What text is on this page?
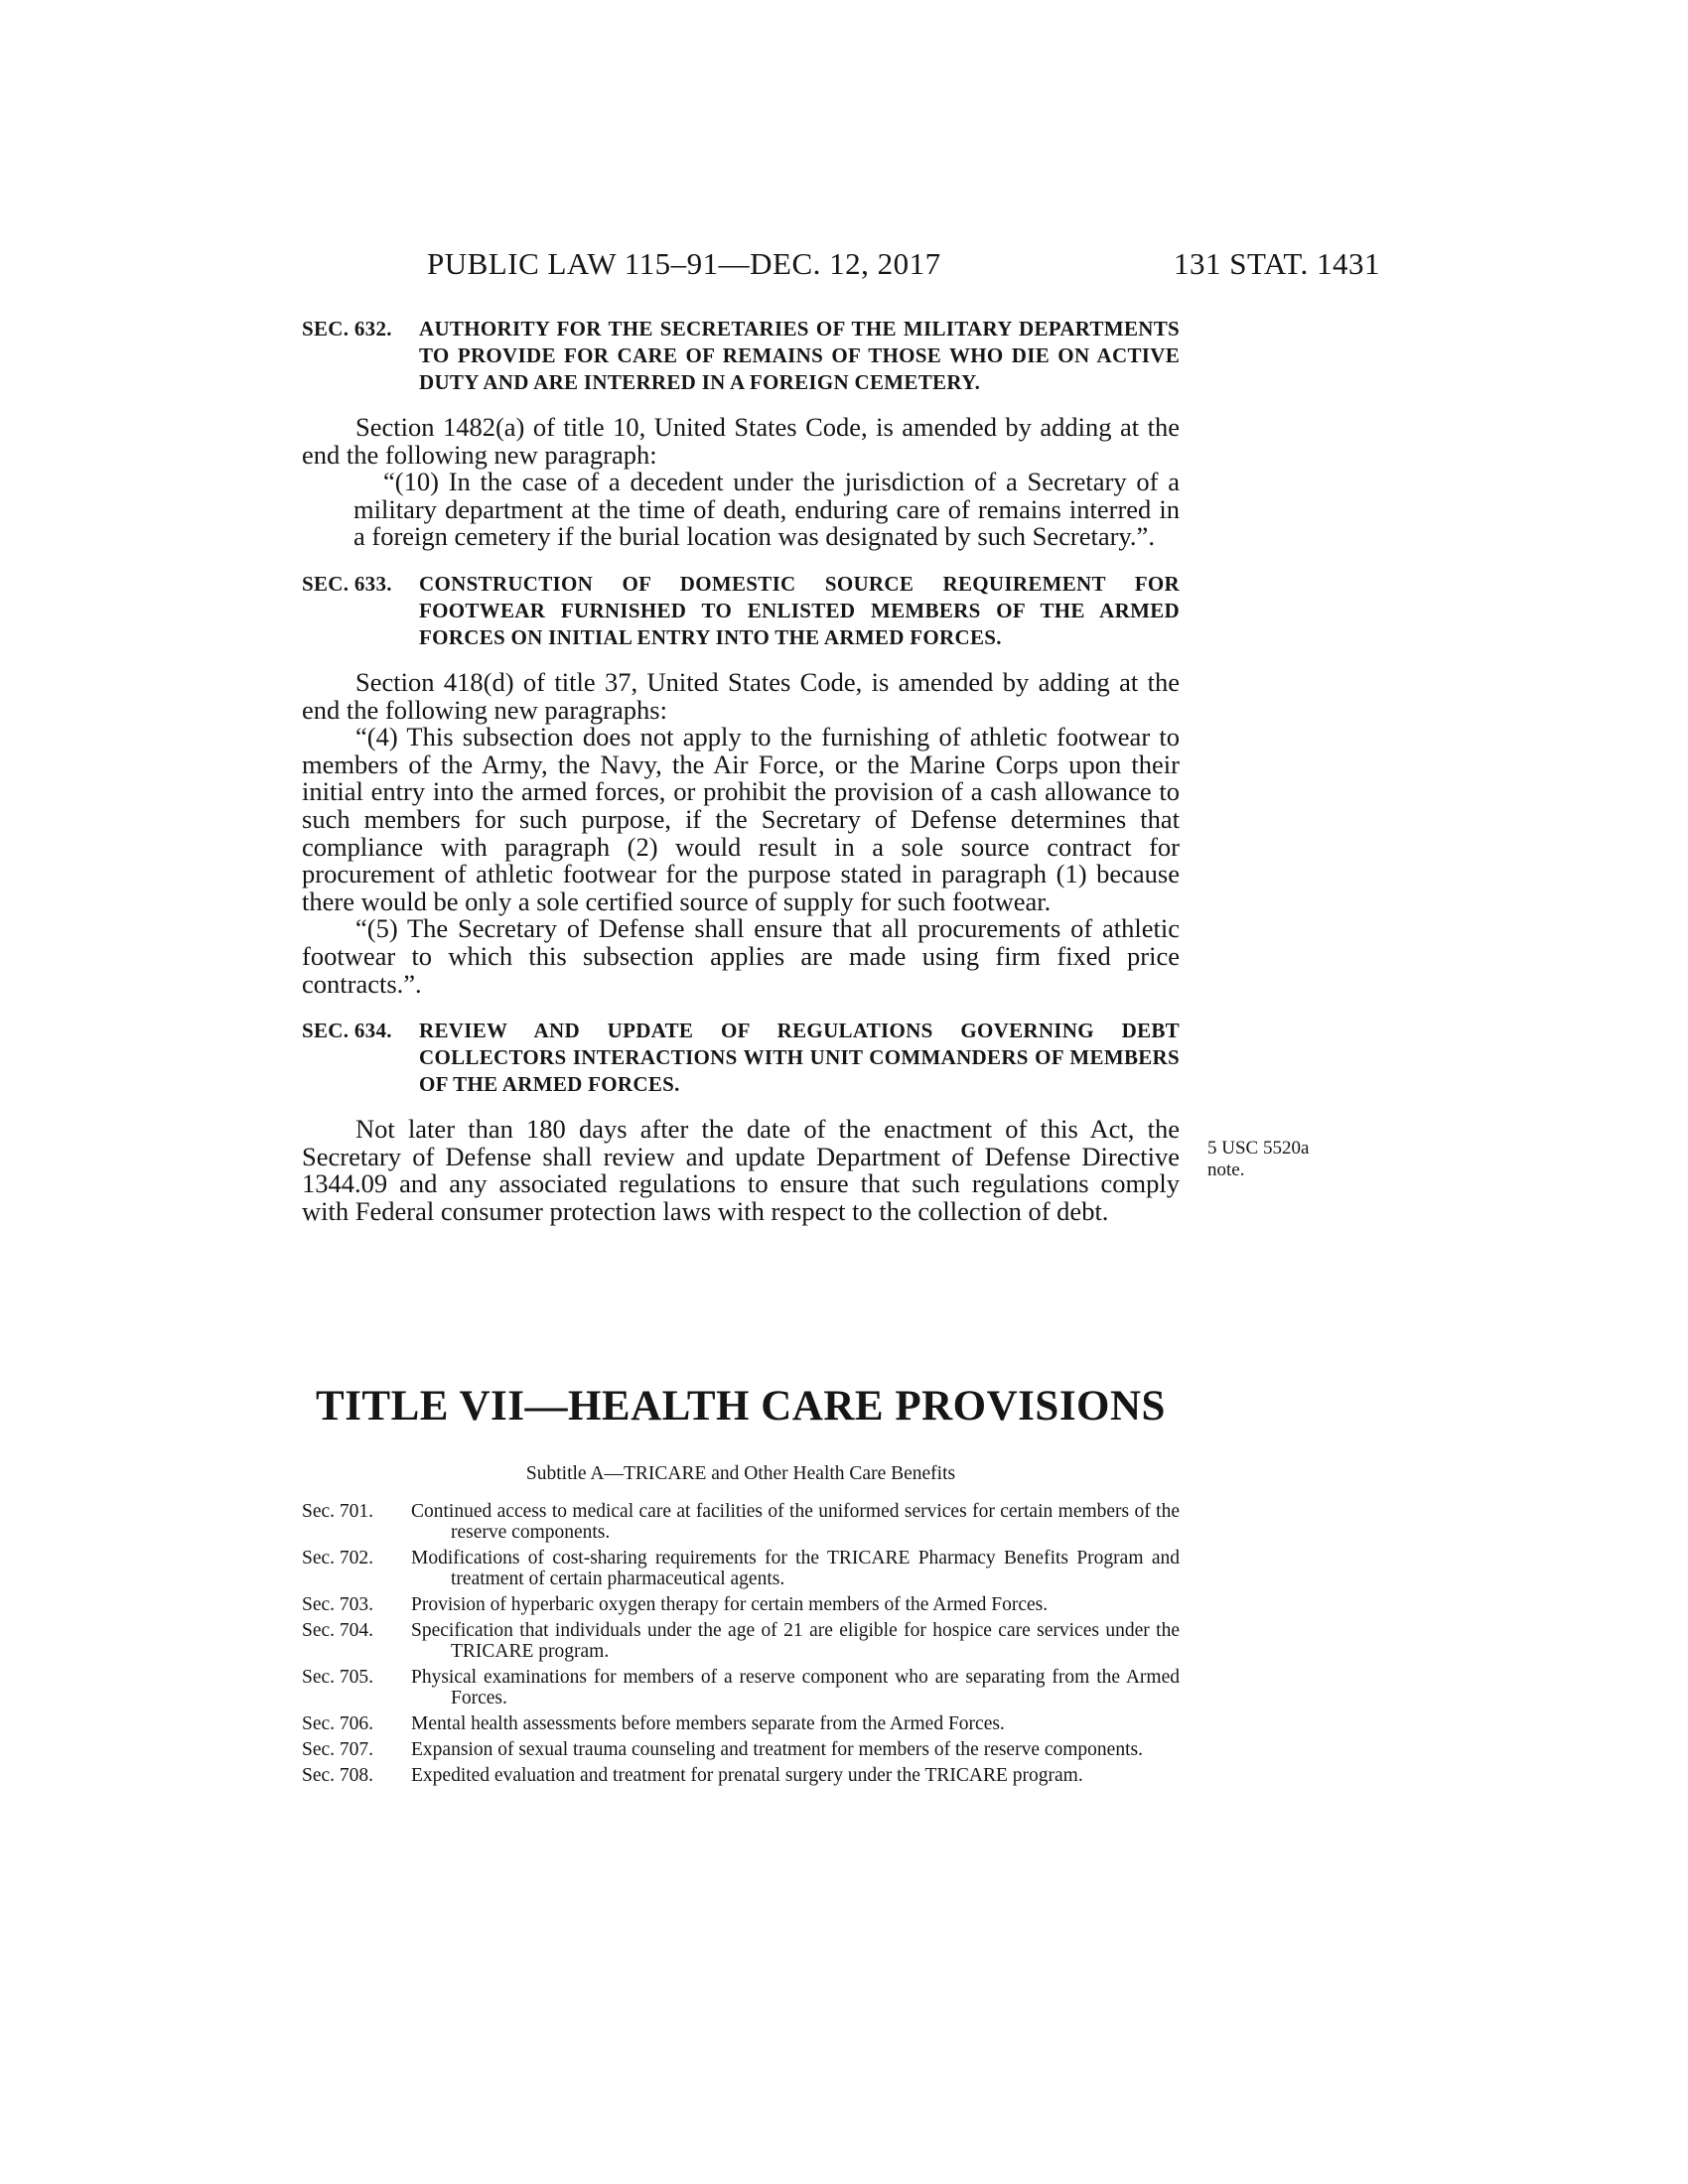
PUBLIC LAW 115–91—DEC. 12, 2017	131 STAT. 1431

SEC. 632. AUTHORITY FOR THE SECRETARIES OF THE MILITARY DEPARTMENTS TO PROVIDE FOR CARE OF REMAINS OF THOSE WHO DIE ON ACTIVE DUTY AND ARE INTERRED IN A FOREIGN CEMETERY.

Section 1482(a) of title 10, United States Code, is amended by adding at the end the following new paragraph:

“(10) In the case of a decedent under the jurisdiction of a Secretary of a military department at the time of death, enduring care of remains interred in a foreign cemetery if the burial location was designated by such Secretary.”.

SEC. 633. CONSTRUCTION OF DOMESTIC SOURCE REQUIREMENT FOR FOOTWEAR FURNISHED TO ENLISTED MEMBERS OF THE ARMED FORCES ON INITIAL ENTRY INTO THE ARMED FORCES.

Section 418(d) of title 37, United States Code, is amended by adding at the end the following new paragraphs:

“(4) This subsection does not apply to the furnishing of athletic footwear to members of the Army, the Navy, the Air Force, or the Marine Corps upon their initial entry into the armed forces, or prohibit the provision of a cash allowance to such members for such purpose, if the Secretary of Defense determines that compliance with paragraph (2) would result in a sole source contract for procurement of athletic footwear for the purpose stated in paragraph (1) because there would be only a sole certified source of supply for such footwear.

“(5) The Secretary of Defense shall ensure that all procurements of athletic footwear to which this subsection applies are made using firm fixed price contracts.”.

SEC. 634. REVIEW AND UPDATE OF REGULATIONS GOVERNING DEBT COLLECTORS INTERACTIONS WITH UNIT COMMANDERS OF MEMBERS OF THE ARMED FORCES.

Not later than 180 days after the date of the enactment of this Act, the Secretary of Defense shall review and update Department of Defense Directive 1344.09 and any associated regulations to ensure that such regulations comply with Federal consumer protection laws with respect to the collection of debt.

5 USC 5520a
note.
TITLE VII—HEALTH CARE PROVISIONS
Subtitle A—TRICARE and Other Health Care Benefits
Sec. 701.	Continued access to medical care at facilities of the uniformed services for certain members of the reserve components.
Sec. 702.	Modifications of cost-sharing requirements for the TRICARE Pharmacy Benefits Program and treatment of certain pharmaceutical agents.
Sec. 703.	Provision of hyperbaric oxygen therapy for certain members of the Armed Forces.
Sec. 704.	Specification that individuals under the age of 21 are eligible for hospice care services under the TRICARE program.
Sec. 705.	Physical examinations for members of a reserve component who are separating from the Armed Forces.
Sec. 706.	Mental health assessments before members separate from the Armed Forces.
Sec. 707.	Expansion of sexual trauma counseling and treatment for members of the reserve components.
Sec. 708.	Expedited evaluation and treatment for prenatal surgery under the TRICARE program.
